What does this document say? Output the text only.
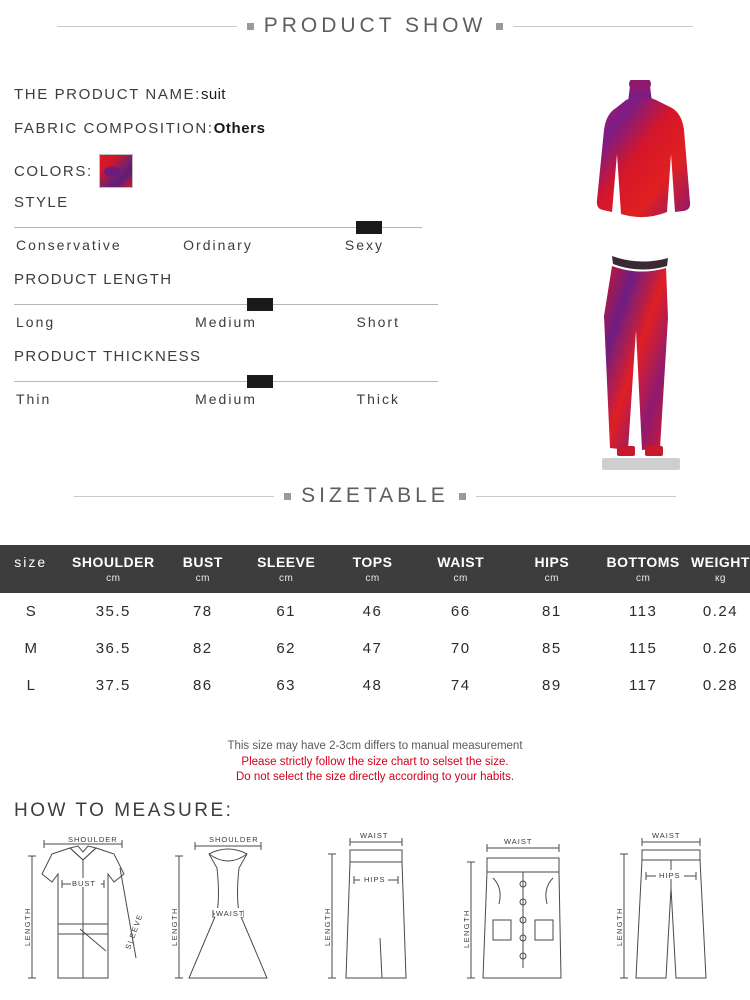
PRODUCT SHOW
THE PRODUCT NAME:suit
FABRIC COMPOSITION:Others
COLORS:
STYLE
Conservative	Ordinary	Sexy
PRODUCT LENGTH
Long	Medium	Short
PRODUCT THICKNESS
Thin	Medium	Thick
SIZETABLE
size	SHOULDER	BUST	SLEEVE	TOPS	WAIST	HIPS	BOTTOMS	WEIGHT
	cm	cm	cm	cm	cm	cm	cm	кg
S	35.5	78	61	46	66	81	113	0.24
M	36.5	82	62	47	70	85	115	0.26
L	37.5	86	63	48	74	89	117	0.28
This size may have 2-3cm differs to manual measurement
Please strictly follow the size chart to selset the size.
Do not select the size directly according to your habits.
HOW TO MEASURE:
SHOULDER
BUST
LENGTH	SLEEVE
SHOULDER
WAIST
LENGTH
WAIST
HIPS
LENGTH
WAIST
LENGTH
WAIST
HIPS
LENGTH
